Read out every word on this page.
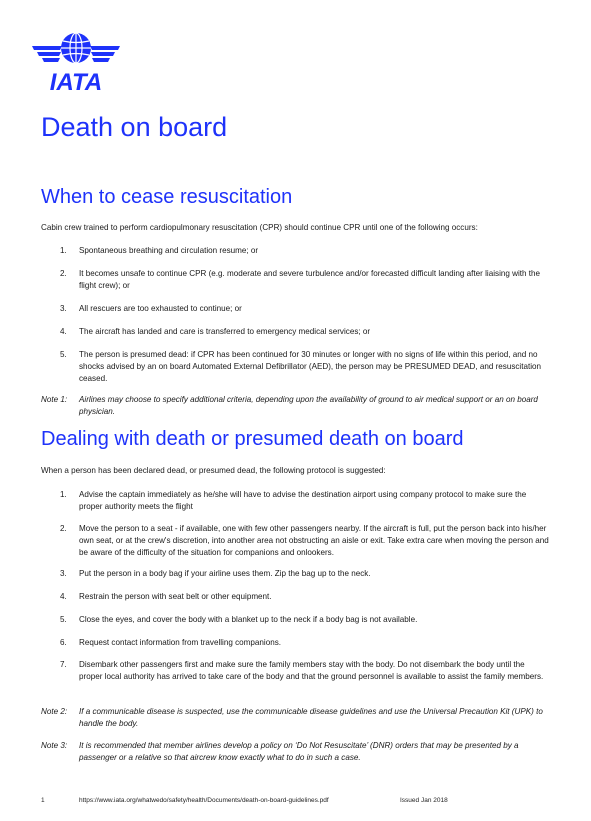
IATA
Death on board
When to cease resuscitation

Cabin crew trained to perform cardiopulmonary resuscitation (CPR) should continue CPR until one of the following occurs:

1.	Spontaneous breathing and circulation resume; or
2.	It becomes unsafe to continue CPR (e.g. moderate and severe turbulence and/or forecasted difficult landing after liaising with the flight crew); or
3.	All rescuers are too exhausted to continue; or
4.	The aircraft has landed and care is transferred to emergency medical services; or
5.	The person is presumed dead: if CPR has been continued for 30 minutes or longer with no signs of life within this period, and no shocks advised by an on board Automated External Defibrillator (AED), the person may be PRESUMED DEAD, and resuscitation ceased.
Note 1: Airlines may choose to specify additional criteria, depending upon the availability of ground to air medical support or an on board physician.
Dealing with death or presumed death on board

When a person has been declared dead, or presumed dead, the following protocol is suggested:

1.	Advise the captain immediately as he/she will have to advise the destination airport using company protocol to make sure the proper authority meets the flight
2.	Move the person to a seat - if available, one with few other passengers nearby. If the aircraft is full, put the person back into his/her own seat, or at the crew's discretion, into another area not obstructing an aisle or exit. Take extra care when moving the person and be aware of the difficulty of the situation for companions and onlookers.
3.	Put the person in a body bag if your airline uses them. Zip the bag up to the neck.
4.	Restrain the person with seat belt or other equipment.
5.	Close the eyes, and cover the body with a blanket up to the neck if a body bag is not available.
6.	Request contact information from travelling companions.
7.	Disembark other passengers first and make sure the family members stay with the body. Do not disembark the body until the proper local authority has arrived to take care of the body and that the ground personnel is available to assist the family members.
Note 2: If a communicable disease is suspected, use the communicable disease guidelines and use the Universal Precaution Kit (UPK) to handle the body.
Note 3: It is recommended that member airlines develop a policy on ‘Do Not Resuscitate’ (DNR) orders that may be presented by a passenger or a relative so that aircrew know exactly what to do in such a case.
1	https://www.iata.org/whatwedo/safety/health/Documents/death-on-board-guidelines.pdf	Issued Jan 2018
